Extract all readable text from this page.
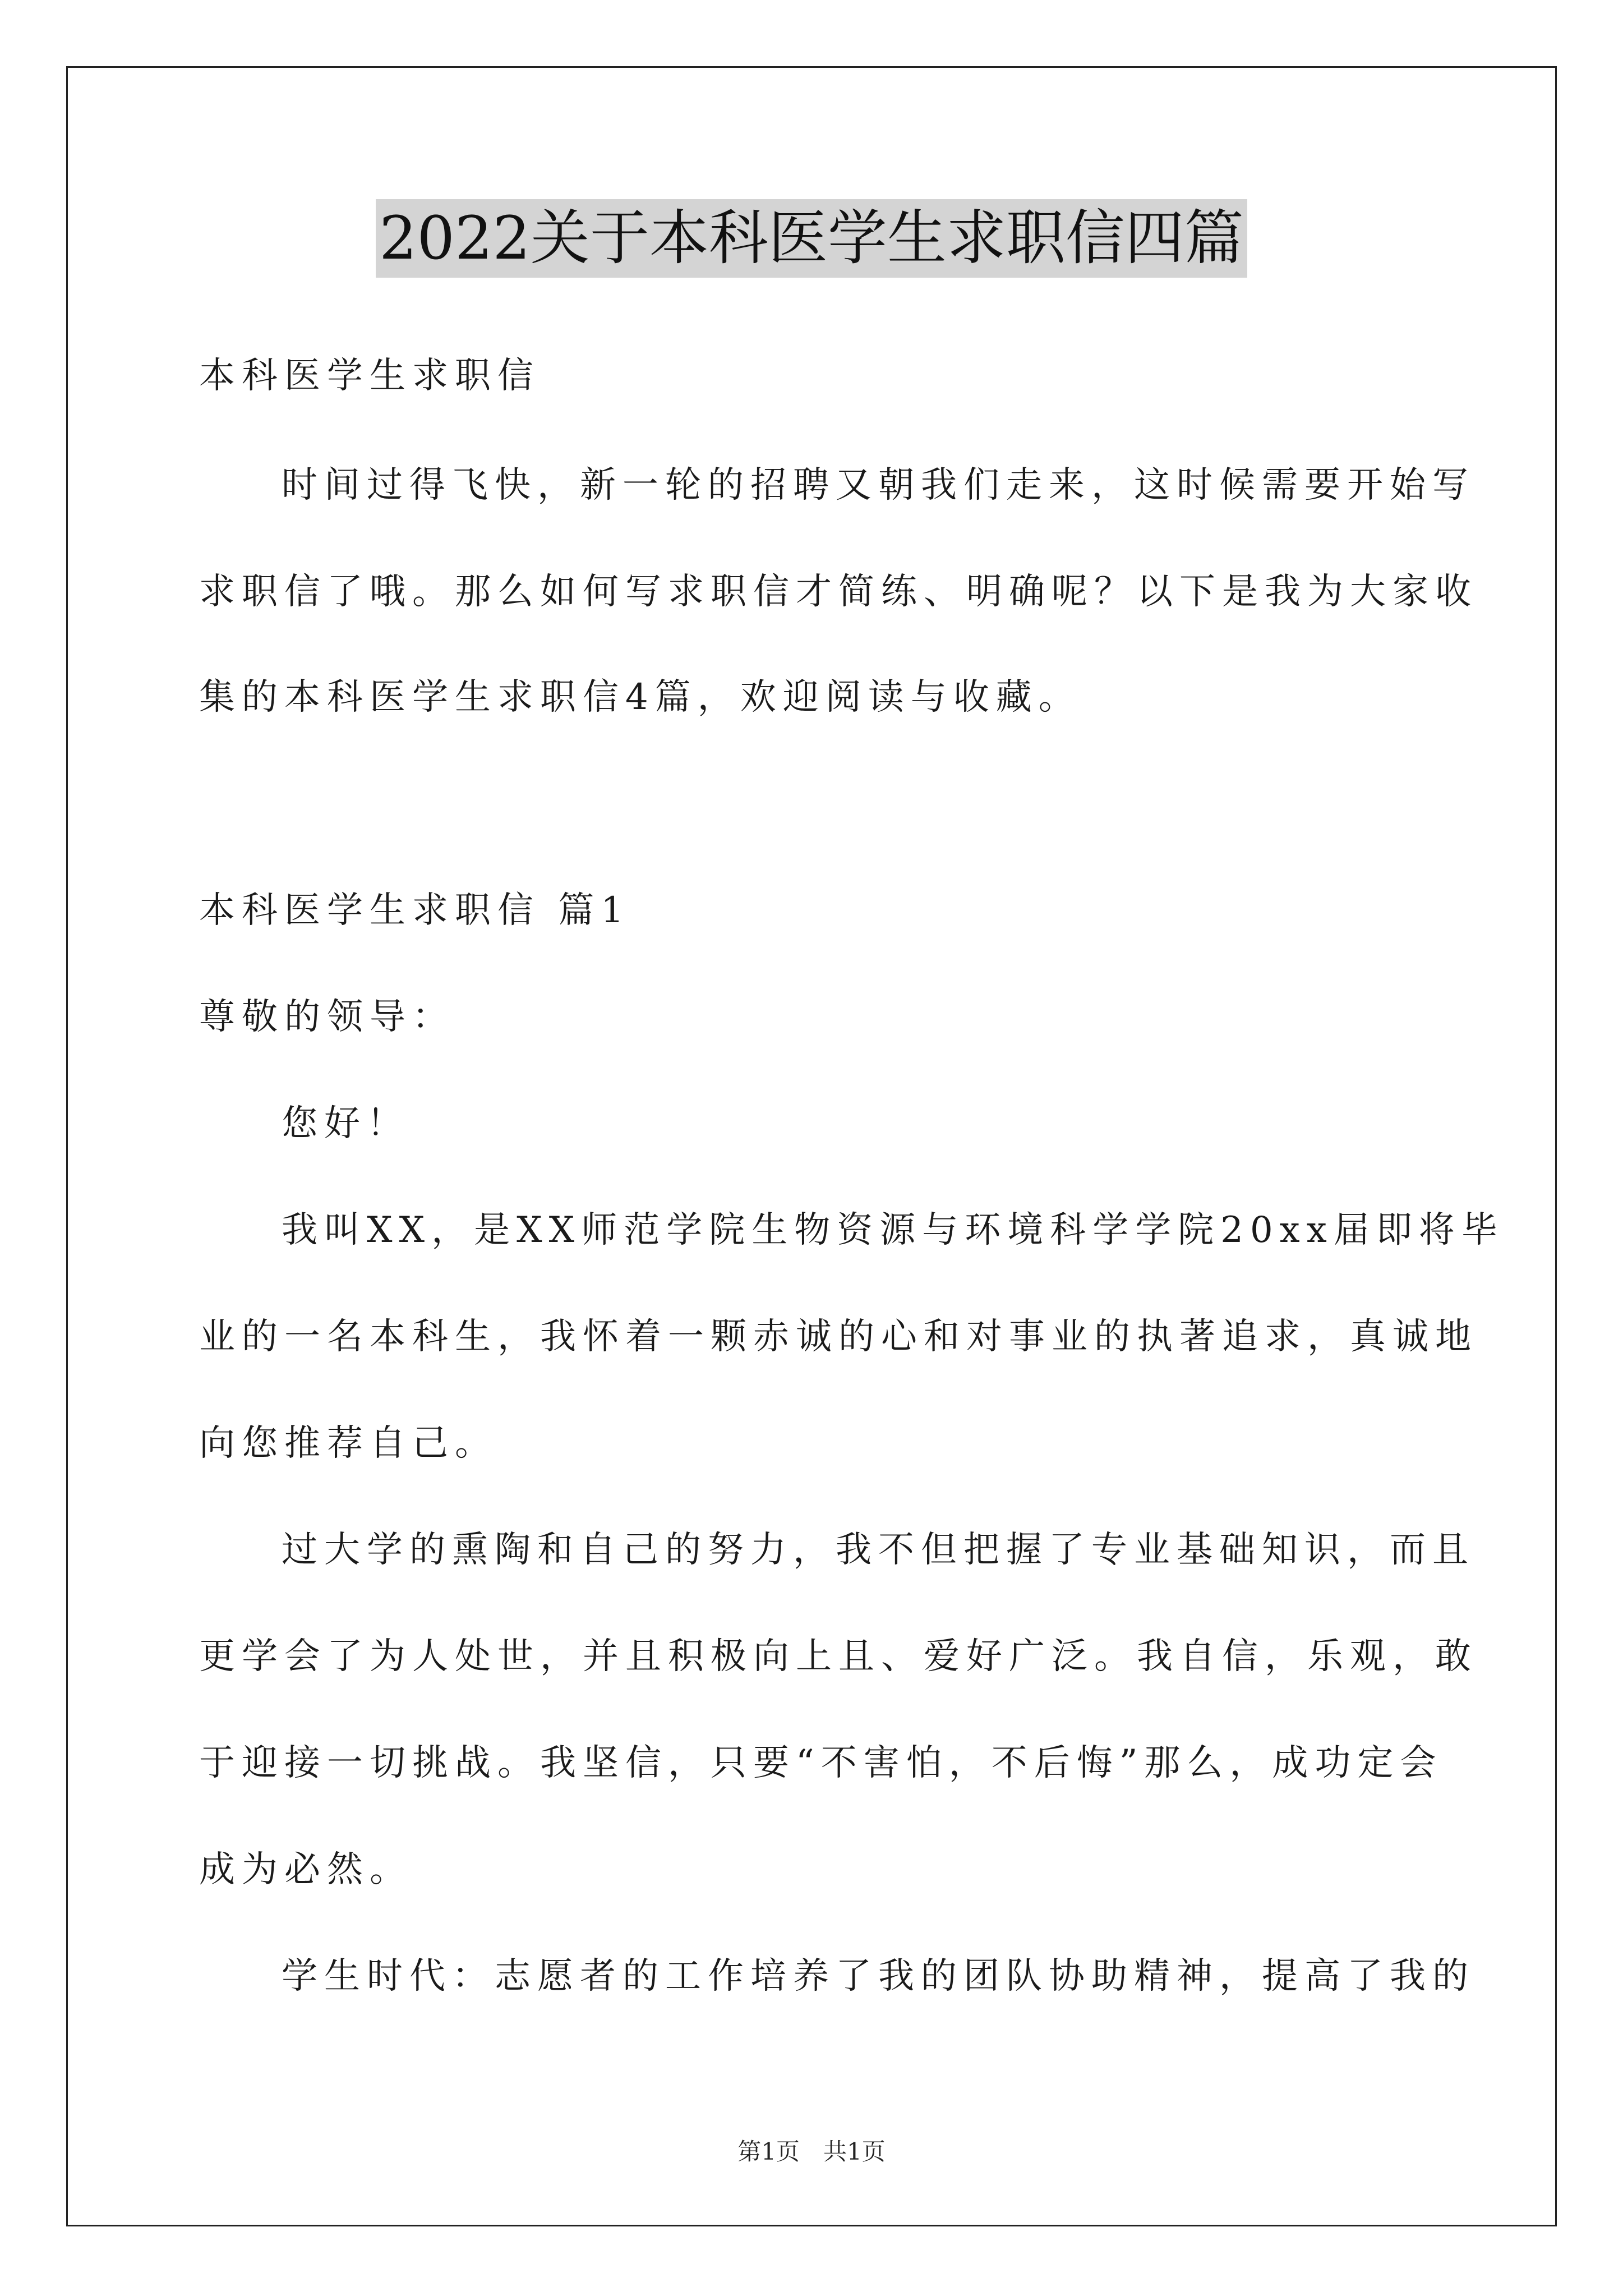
2022关于本科医学生求职信四篇
本科医学生求职信
时间过得飞快，新一轮的招聘又朝我们走来，这时候需要开始写
求职信了哦。那么如何写求职信才简练、明确呢？以下是我为大家收
集的本科医学生求职信4篇，欢迎阅读与收藏。
本科医学生求职信 篇1
尊敬的领导：
您好！
我叫XX，是XX师范学院生物资源与环境科学学院20xx届即将毕
业的一名本科生，我怀着一颗赤诚的心和对事业的执著追求，真诚地
向您推荐自己。
过大学的熏陶和自己的努力，我不但把握了专业基础知识，而且
更学会了为人处世，并且积极向上且、爱好广泛。我自信，乐观，敢
于迎接一切挑战。我坚信，只要“不害怕，不后悔”那么，成功定会
成为必然。
学生时代：志愿者的工作培养了我的团队协助精神，提高了我的
第1页　共1页
